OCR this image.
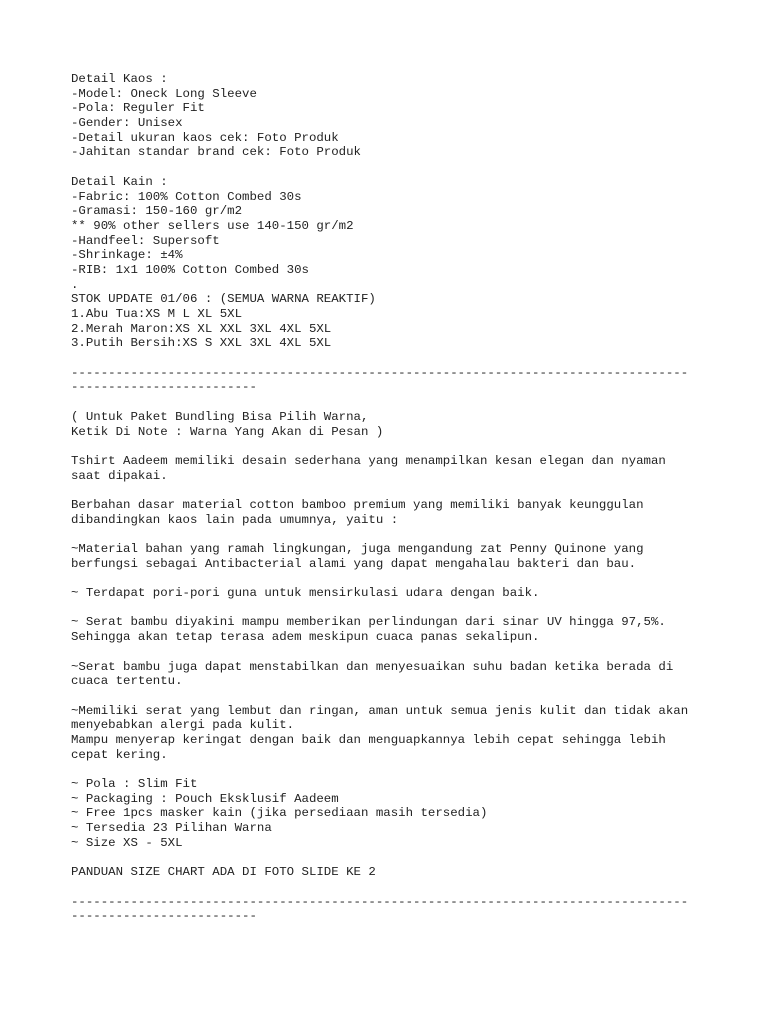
Detail Kaos :
-Model: Oneck Long Sleeve
-Pola: Reguler Fit
-Gender: Unisex
-Detail ukuran kaos cek: Foto Produk
-Jahitan standar brand cek: Foto Produk
Detail Kain :
-Fabric: 100% Cotton Combed 30s
-Gramasi: 150-160 gr/m2
** 90% other sellers use 140-150 gr/m2
-Handfeel: Supersoft
-Shrinkage: ±4%
-RIB: 1x1 100% Cotton Combed 30s
.
STOK UPDATE 01/06 : (SEMUA WARNA REAKTIF)
1.Abu Tua:XS M L XL 5XL
2.Merah Maron:XS XL XXL 3XL 4XL 5XL
3.Putih Bersih:XS S XXL 3XL 4XL 5XL
-----------------------------------------------------------------------------------
-------------------------
( Untuk Paket Bundling Bisa Pilih Warna,
Ketik Di Note : Warna Yang Akan di Pesan )
Tshirt Aadeem memiliki desain sederhana yang menampilkan kesan elegan dan nyaman
saat dipakai.
Berbahan dasar material cotton bamboo premium yang memiliki banyak keunggulan
dibandingkan kaos lain pada umumnya, yaitu :
~Material bahan yang ramah lingkungan, juga mengandung zat Penny Quinone yang
berfungsi sebagai Antibacterial alami yang dapat mengahalau bakteri dan bau.
~ Terdapat pori-pori guna untuk mensirkulasi udara dengan baik.
~ Serat bambu diyakini mampu memberikan perlindungan dari sinar UV hingga 97,5%.
Sehingga akan tetap terasa adem meskipun cuaca panas sekalipun.
~Serat bambu juga dapat menstabilkan dan menyesuaikan suhu badan ketika berada di
cuaca tertentu.
~Memiliki serat yang lembut dan ringan, aman untuk semua jenis kulit dan tidak akan
menyebabkan alergi pada kulit.
Mampu menyerap keringat dengan baik dan menguapkannya lebih cepat sehingga lebih
cepat kering.
~ Pola : Slim Fit
~ Packaging : Pouch Eksklusif Aadeem
~ Free 1pcs masker kain (jika persediaan masih tersedia)
~ Tersedia 23 Pilihan Warna
~ Size XS - 5XL
PANDUAN SIZE CHART ADA DI FOTO SLIDE KE 2
-----------------------------------------------------------------------------------
-------------------------
